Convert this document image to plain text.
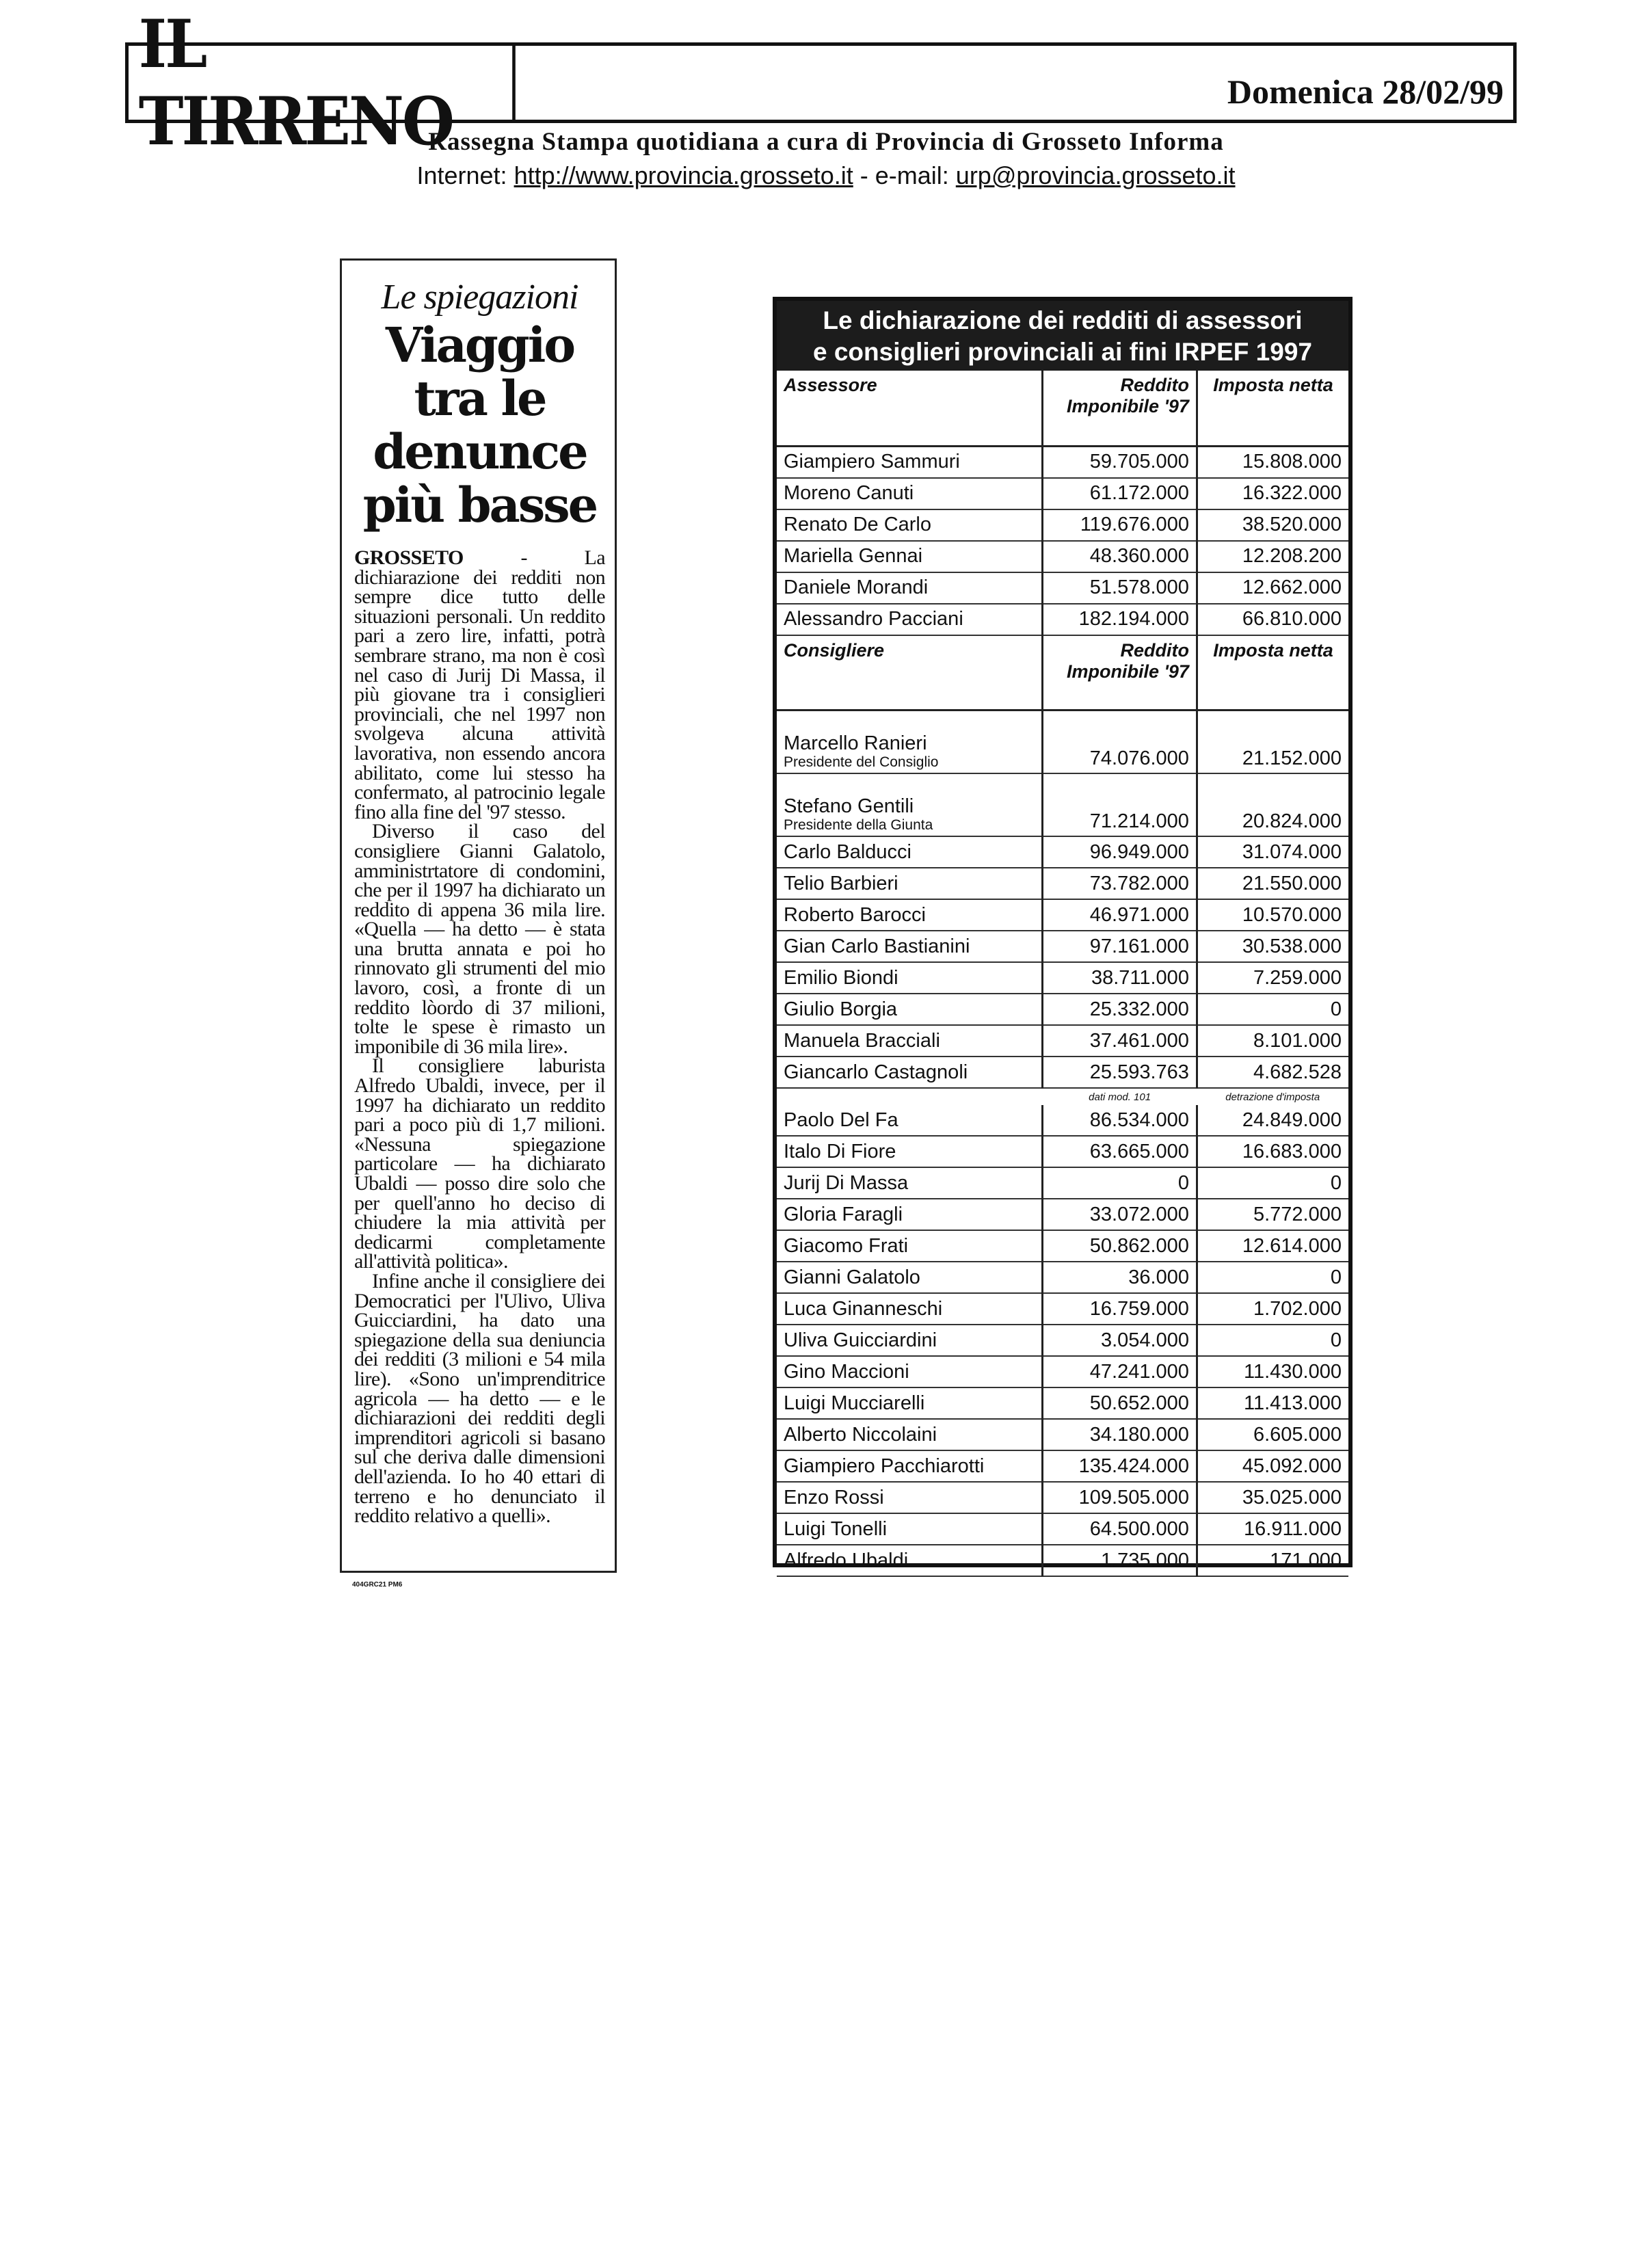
IL TIRRENO	Domenica 28/02/99
Rassegna Stampa quotidiana a cura di Provincia di Grosseto Informa
Internet: http://www.provincia.grosseto.it - e-mail: urp@provincia.grosseto.it
Le spiegazioni
Viaggio
tra le denunce
più basse

GROSSETO - La dichiarazione dei redditi non sempre dice tutto delle situazioni personali. Un reddito pari a zero lire, infatti, potrà sembrare strano, ma non è così nel caso di Jurij Di Massa, il più giovane tra i consiglieri provinciali, che nel 1997 non svolgeva alcuna attività lavorativa, non essendo ancora abilitato, come lui stesso ha confermato, al patrocinio legale fino alla fine del '97 stesso.

Diverso il caso del consigliere Gianni Galatolo, amministrtatore di condomini, che per il 1997 ha dichiarato un reddito di appena 36 mila lire. «Quella — ha detto — è stata una brutta annata e poi ho rinnovato gli strumenti del mio lavoro, così, a fronte di un reddito lòordo di 37 milioni, tolte le spese è rimasto un imponibile di 36 mila lire».

Il consigliere laburista Alfredo Ubaldi, invece, per il 1997 ha dichiarato un reddito pari a poco più di 1,7 milioni. «Nessuna spiegazione particolare — ha dichiarato Ubaldi — posso dire solo che per quell'anno ho deciso di chiudere la mia attività per dedicarmi completamente all'attività politica».

Infine anche il consigliere dei Democratici per l'Ulivo, Uliva Guicciardini, ha dato una spiegazione della sua deniuncia dei redditi (3 milioni e 54 mila lire). «Sono un'imprenditrice agricola — ha detto — e le dichiarazioni dei redditi degli imprenditori agricoli si basano sul che deriva dalle dimensioni dell'azienda. Io ho 40 ettari di terreno e ho denunciato il reddito relativo a quelli».

404GRC21 PM6
Le dichiarazione dei redditi di assessori
e consiglieri provinciali ai fini IRPEF 1997
Assessore	Reddito Imponibile '97	Imposta netta
Giampiero Sammuri	59.705.000	15.808.000
Moreno Canuti	61.172.000	16.322.000
Renato De Carlo	119.676.000	38.520.000
Mariella Gennai	48.360.000	12.208.200
Daniele Morandi	51.578.000	12.662.000
Alessandro Pacciani	182.194.000	66.810.000
Consigliere	Reddito Imponibile '97	Imposta netta

Marcello Ranieri
Presidente del Consiglio	74.076.000	21.152.000

Stefano Gentili
Presidente della Giunta	71.214.000	20.824.000
Carlo Balducci	96.949.000	31.074.000
Telio Barbieri	73.782.000	21.550.000
Roberto Barocci	46.971.000	10.570.000
Gian Carlo Bastianini	97.161.000	30.538.000
Emilio Biondi	38.711.000	7.259.000
Giulio Borgia	25.332.000	0
Manuela Bracciali	37.461.000	8.101.000
Giancarlo Castagnoli	25.593.763	4.682.528
	dati mod. 101	detrazione d'imposta
Paolo Del Fa	86.534.000	24.849.000
Italo Di Fiore	63.665.000	16.683.000
Jurij Di Massa	0	0
Gloria Faragli	33.072.000	5.772.000
Giacomo Frati	50.862.000	12.614.000
Gianni Galatolo	36.000	0
Luca Ginanneschi	16.759.000	1.702.000
Uliva Guicciardini	3.054.000	0
Gino Maccioni	47.241.000	11.430.000
Luigi Mucciarelli	50.652.000	11.413.000
Alberto Niccolaini	34.180.000	6.605.000
Giampiero Pacchiarotti	135.424.000	45.092.000
Enzo Rossi	109.505.000	35.025.000
Luigi Tonelli	64.500.000	16.911.000
Alfredo Ubaldi	1.735.000	171.000
